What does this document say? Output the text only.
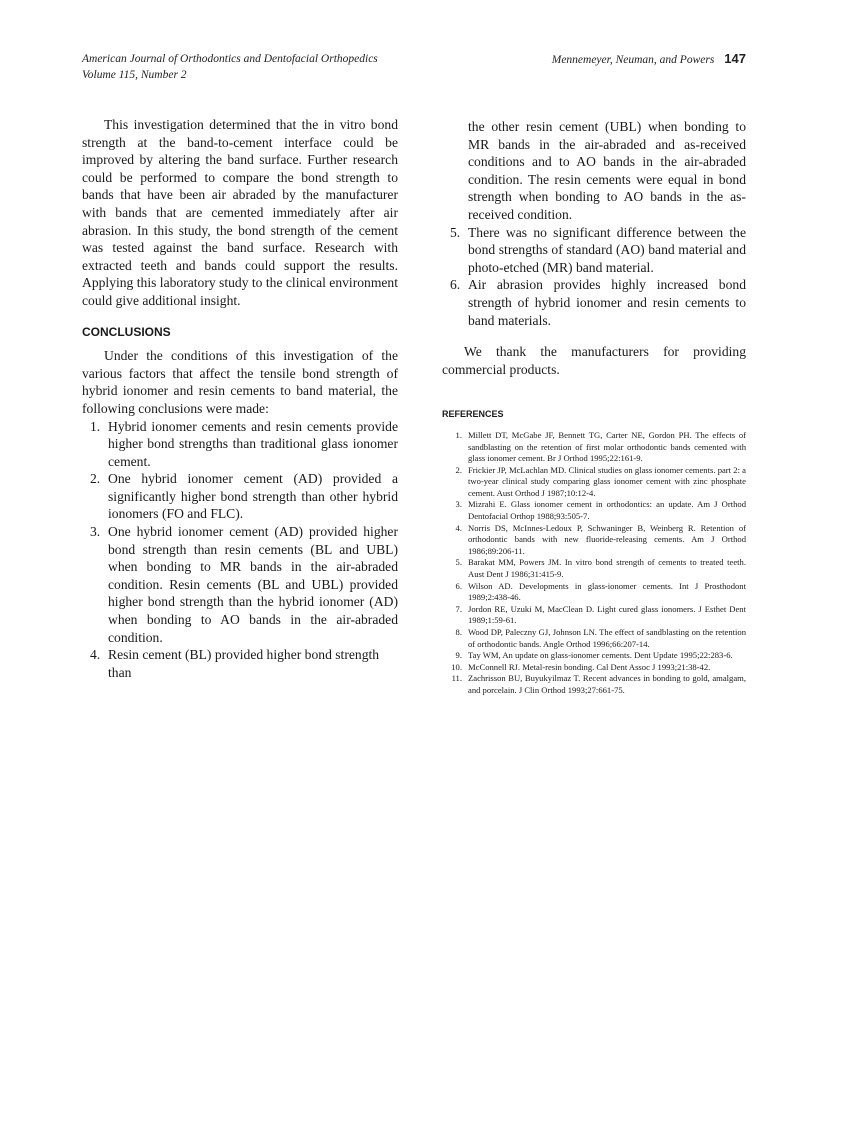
American Journal of Orthodontics and Dentofacial Orthopedics
Volume 115, Number 2
Mennemeyer, Neuman, and Powers 147

This investigation determined that the in vitro bond strength at the band-to-cement interface could be improved by altering the band surface. Further research could be performed to compare the bond strength to bands that have been air abraded by the manufacturer with bands that are cemented immediately after air abrasion. In this study, the bond strength of the cement was tested against the band surface. Research with extracted teeth and bands could support the results. Applying this laboratory study to the clinical environment could give additional insight.

CONCLUSIONS

Under the conditions of this investigation of the various factors that affect the tensile bond strength of hybrid ionomer and resin cements to band material, the following conclusions were made:

1. Hybrid ionomer cements and resin cements provide higher bond strengths than traditional glass ionomer cement.
2. One hybrid ionomer cement (AD) provided a significantly higher bond strength than other hybrid ionomers (FO and FLC).
3. One hybrid ionomer cement (AD) provided higher bond strength than resin cements (BL and UBL) when bonding to MR bands in the air-abraded condition. Resin cements (BL and UBL) provided higher bond strength than the hybrid ionomer (AD) when bonding to AO bands in the air-abraded condition.
4. Resin cement (BL) provided higher bond strength than
the other resin cement (UBL) when bonding to MR bands in the air-abraded and as-received conditions and to AO bands in the air-abraded condition. The resin cements were equal in bond strength when bonding to AO bands in the as-received condition.
5. There was no significant difference between the bond strengths of standard (AO) band material and photo-etched (MR) band material.
6. Air abrasion provides highly increased bond strength of hybrid ionomer and resin cements to band materials.

We thank the manufacturers for providing commercial products.

REFERENCES
1. Millett DT, McGabe JF, Bennett TG, Carter NE, Gordon PH. The effects of sandblasting on the retention of first molar orthodontic bands cemented with glass ionomer cement. Br J Orthod 1995;22:161-9.
2. Frickier JP, McLachlan MD. Clinical studies on glass ionomer cements. part 2: a two-year clinical study comparing glass ionomer cement with zinc phosphate cement. Aust Orthod J 1987;10:12-4.
3. Mizrahi E. Glass ionomer cement in orthodontics: an update. Am J Orthod Dentofacial Orthop 1988;93:505-7.
4. Norris DS, McInnes-Ledoux P, Schwaninger B, Weinberg R. Retention of orthodontic bands with new fluoride-releasing cements. Am J Orthod 1986;89:206-11.
5. Barakat MM, Powers JM. In vitro bond strength of cements to treated teeth. Aust Dent J 1986;31:415-9.
6. Wilson AD. Developments in glass-ionomer cements. Int J Prosthodont 1989;2:438-46.
7. Jordon RE, Uzuki M, MacClean D. Light cured glass ionomers. J Esthet Dent 1989;1:59-61.
8. Wood DP, Paleczny GJ, Johnson LN. The effect of sandblasting on the retention of orthodontic bands. Angle Orthod 1996;66:207-14.
9. Tay WM, An update on glass-ionomer cements. Dent Update 1995;22:283-6.
10. McConnell RJ. Metal-resin bonding. Cal Dent Assoc J 1993;21:38-42.
11. Zachrisson BU, Buyukyilmaz T. Recent advances in bonding to gold, amalgam, and porcelain. J Clin Orthod 1993;27:661-75.
